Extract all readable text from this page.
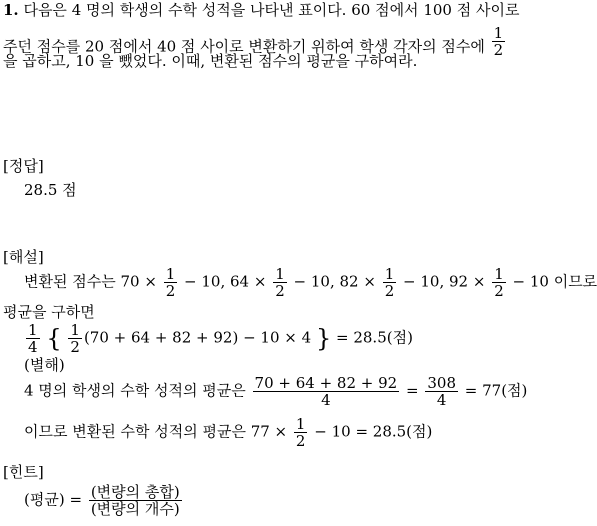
1. 다음은 4 명의 학생의 수학 성적을 나타낸 표이다. 60 점에서 100 점 사이로
주던 점수를 20 점에서 40 점 사이로 변환하기 위하여 학생 각자의 점수에 $\frac{1}{2}$
을 곱하고, 10 을 뺐었다. 이때, 변환된 점수의 평균을 구하여라.
[정답]
28.5 점
[해설]
변환된 점수는 $70 \times \frac{1}{2} - 10$, $64 \times \frac{1}{2} - 10$, $82 \times \frac{1}{2} - 10$, $92 \times \frac{1}{2} - 10$ 이므로
평균을 구하면
$\frac{1}{4}$ { $\frac{1}{2} (70 + 64 + 82 + 92) - 10 \times 4$ } = 28.5(점)
(별해)
4 명의 학생의 수학 성적의 평균은 $\frac{70 + 64 + 82 + 92}{4} = \frac{308}{4} = 77$(점)
이므로 변환된 수학 성적의 평균은 $77 \times \frac{1}{2} - 10 = 28.5$(점)
[힌트]
(평균) = $\frac{\text{(변량의 총합)}}{\text{(변량의 개수)}}$
